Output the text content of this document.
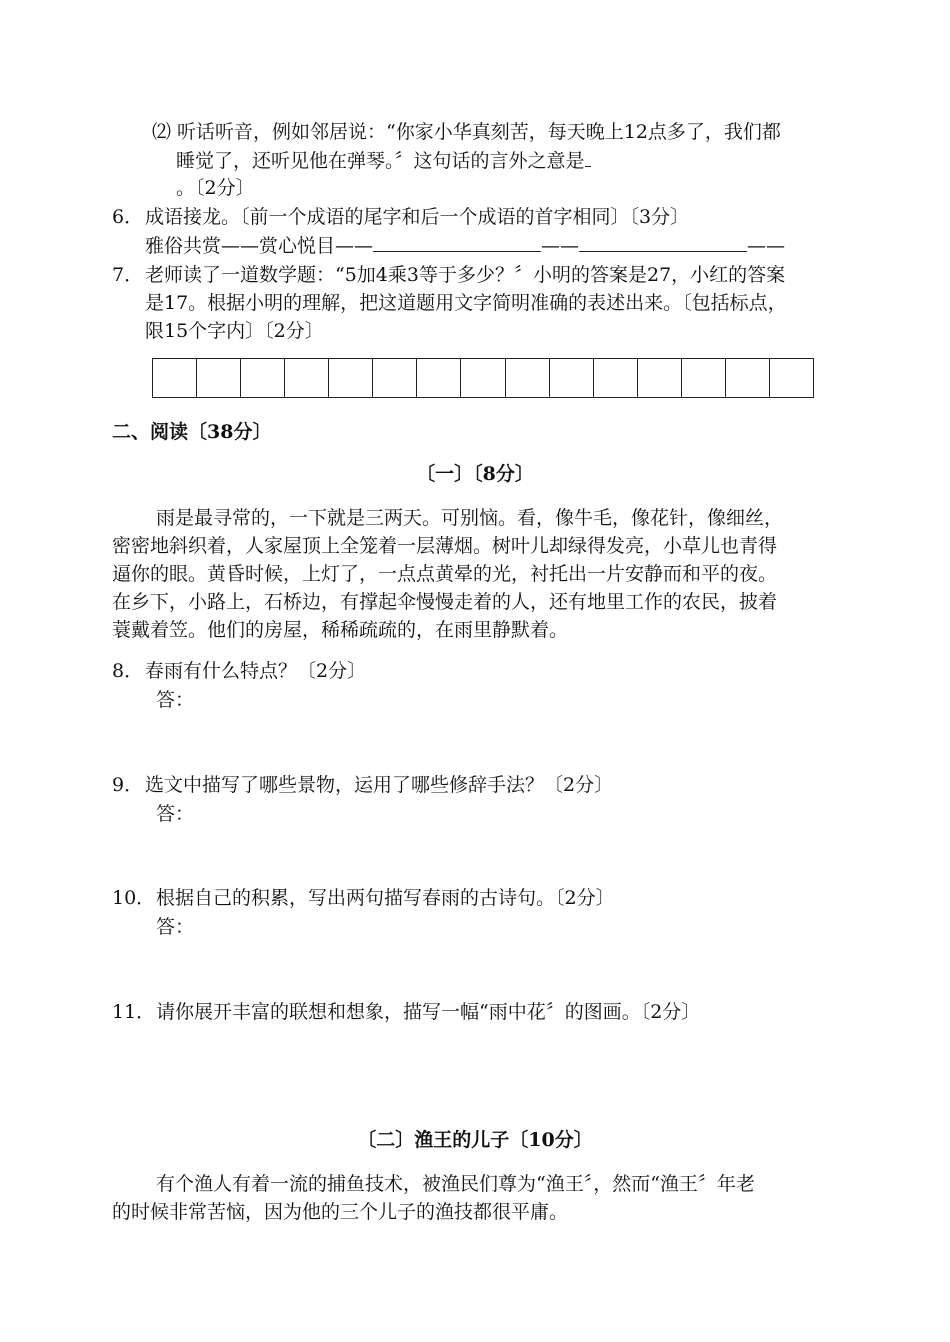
⑵ 听话听音，例如邻居说：“你家小华真刻苦，每天晚上12点多了，我们都
睡觉了，还听见他在弹琴。〞这句话的言外之意是
。〔2分〕
6． 成语接龙。〔前一个成语的尾字和后一个成语的首字相同〕〔3分〕
雅俗共赏——赏心悦目——	——	——
7． 老师读了一道数学题：“5加4乘3等于多少？〞小明的答案是27，小红的答案
是17。根据小明的理解，把这道题用文字简明准确的表述出来。〔包括标点，
限15个字内〕〔2分〕
二、阅读〔38分〕
〔一〕〔8分〕
雨是最寻常的，一下就是三两天。可别恼。看，像牛毛，像花针，像细丝，
密密地斜织着，人家屋顶上全笼着一层薄烟。树叶儿却绿得发亮，小草儿也青得
逼你的眼。黄昏时候，上灯了，一点点黄晕的光，衬托出一片安静而和平的夜。
在乡下，小路上，石桥边，有撑起伞慢慢走着的人，还有地里工作的农民，披着
蓑戴着笠。他们的房屋，稀稀疏疏的，在雨里静默着。
8． 春雨有什么特点？〔2分〕
答：
9． 选文中描写了哪些景物，运用了哪些修辞手法？〔2分〕
答：
10． 根据自己的积累，写出两句描写春雨的古诗句。〔2分〕
答：
11． 请你展开丰富的联想和想象，描写一幅“雨中花〞的图画。〔2分〕
〔二〕渔王的儿子〔10分〕
有个渔人有着一流的捕鱼技术，被渔民们尊为“渔王〞，然而“渔王〞年老
的时候非常苦恼，因为他的三个儿子的渔技都很平庸。
